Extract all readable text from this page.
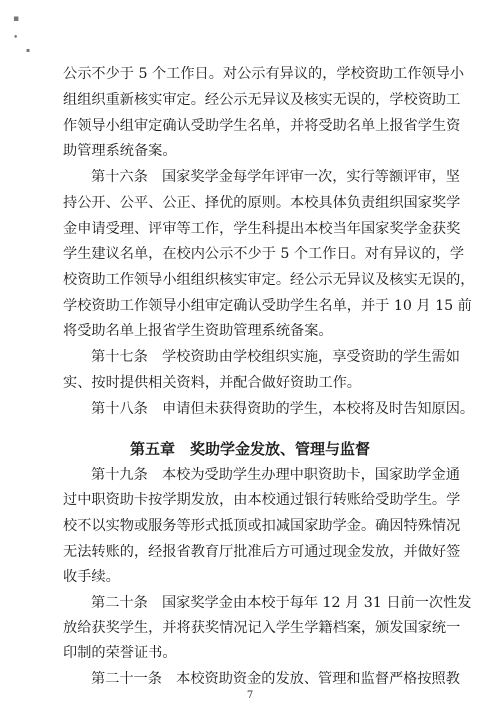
▪
•
▪
公示不少于 5 个工作日。对公示有异议的，学校资助工作领导小
组组织重新核实审定。经公示无异议及核实无误的，学校资助工
作领导小组审定确认受助学生名单，并将受助名单上报省学生资
助管理系统备案。
第十六条　国家奖学金每学年评审一次，实行等额评审，坚
持公开、公平、公正、择优的原则。本校具体负责组织国家奖学
金申请受理、评审等工作，学生科提出本校当年国家奖学金获奖
学生建议名单，在校内公示不少于 5 个工作日。对有异议的，学
校资助工作领导小组组织核实审定。经公示无异议及核实无误的，
学校资助工作领导小组审定确认受助学生名单，并于 10 月 15 前
将受助名单上报省学生资助管理系统备案。
第十七条　学校资助由学校组织实施，享受资助的学生需如
实、按时提供相关资料，并配合做好资助工作。
第十八条　申请但未获得资助的学生，本校将及时告知原因。
第五章　奖助学金发放、管理与监督
第十九条　本校为受助学生办理中职资助卡，国家助学金通
过中职资助卡按学期发放，由本校通过银行转账给受助学生。学
校不以实物或服务等形式抵顶或扣减国家助学金。确因特殊情况
无法转账的，经报省教育厅批准后方可通过现金发放，并做好签
收手续。
第二十条　国家奖学金由本校于每年 12 月 31 日前一次性发
放给获奖学生，并将获奖情况记入学生学籍档案，颁发国家统一
印制的荣誉证书。
第二十一条　本校资助资金的发放、管理和监督严格按照教
7
